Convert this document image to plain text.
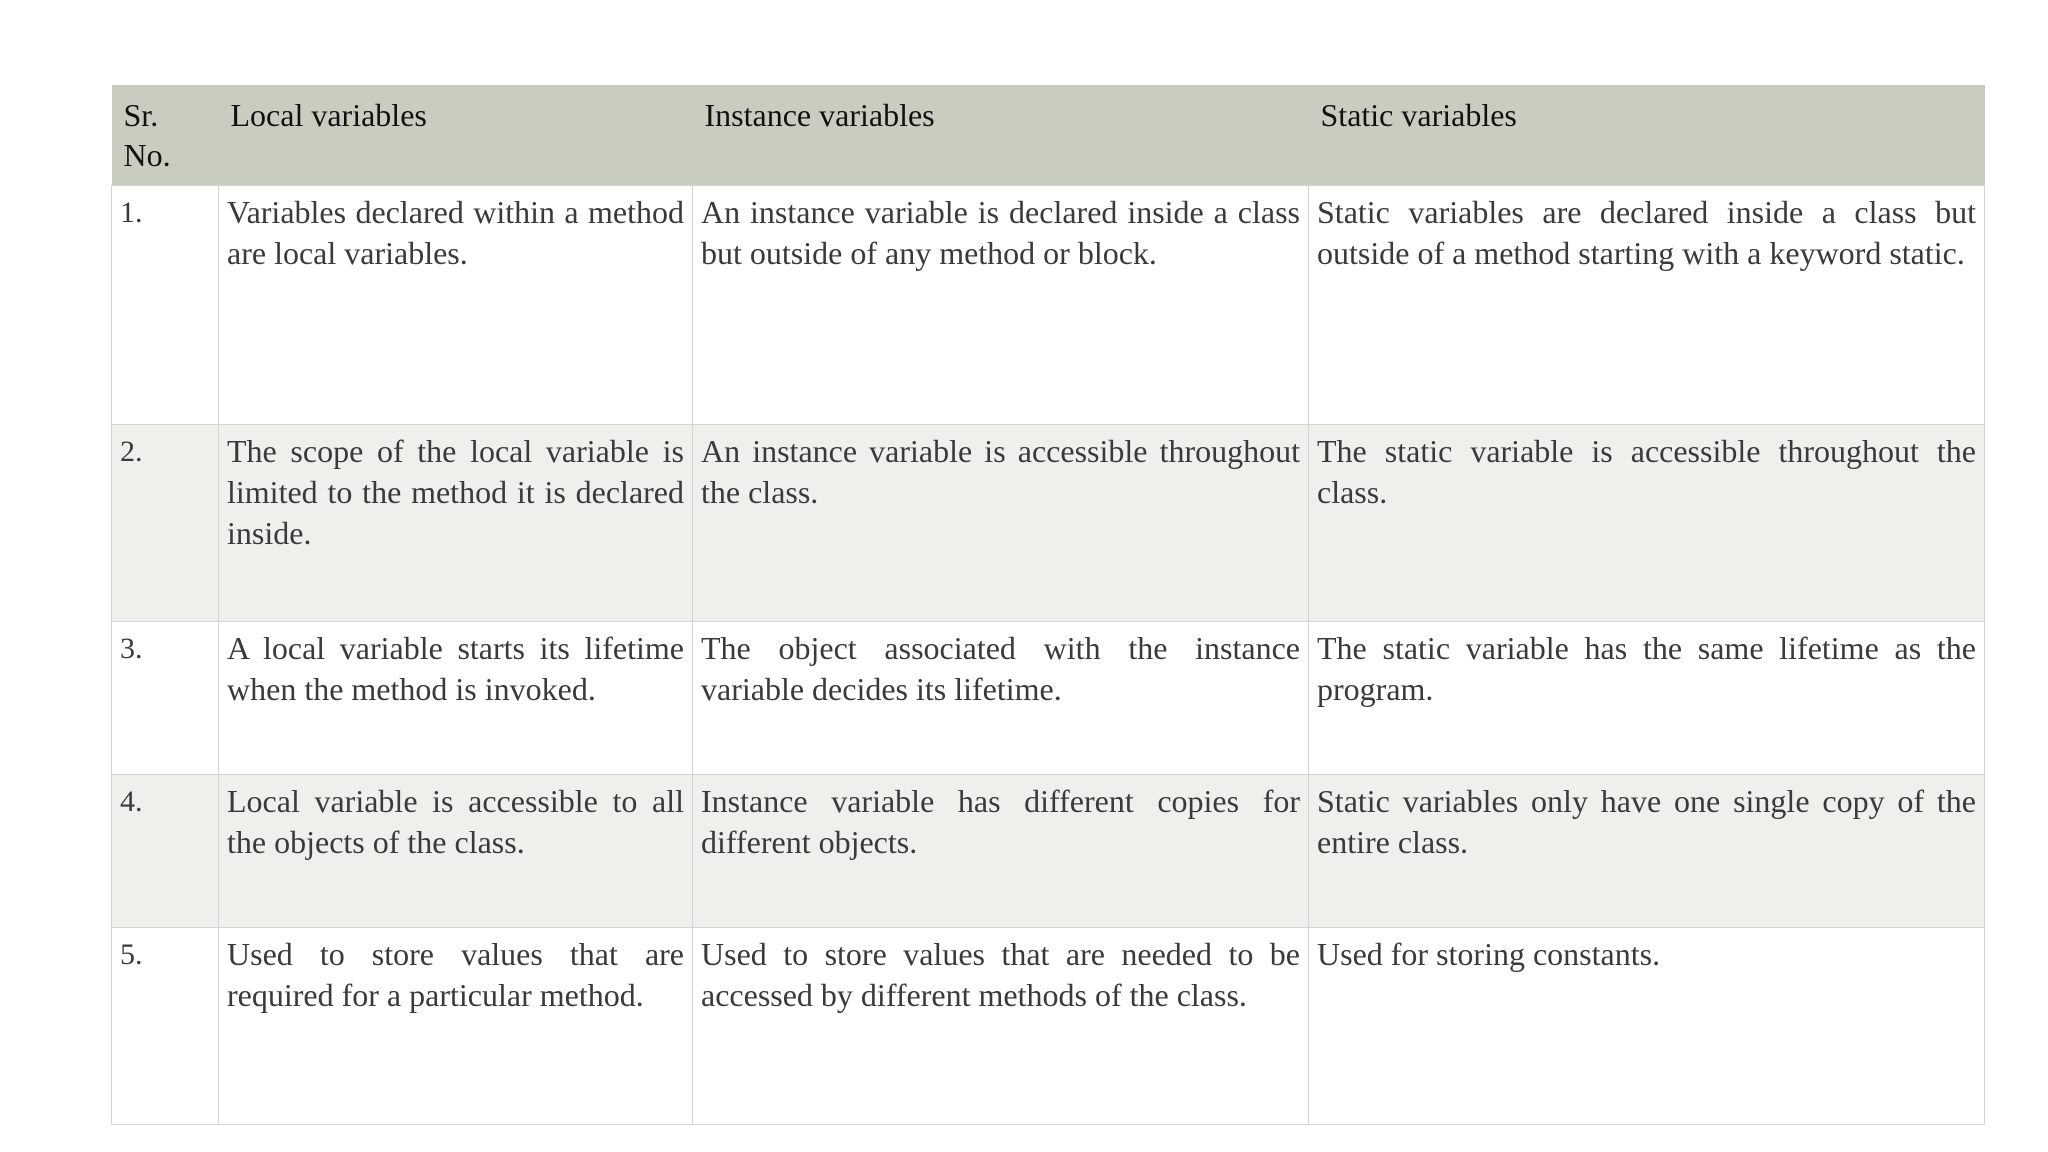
Sr. No.	Local variables	Instance variables	Static variables
1.	Variables declared within a method are local variables.	An instance variable is declared inside a class but outside of any method or block.	Static variables are declared inside a class but outside of a method starting with a keyword static.
2.	The scope of the local variable is limited to the method it is declared inside.	An instance variable is accessible throughout the class.	The static variable is accessible throughout the class.
3.	A local variable starts its lifetime when the method is invoked.	The object associated with the instance variable decides its lifetime.	The static variable has the same lifetime as the program.
4.	Local variable is accessible to all the objects of the class.	Instance variable has different copies for different objects.	Static variables only have one single copy of the entire class.
5.	Used to store values that are required for a particular method.	Used to store values that are needed to be accessed by different methods of the class.	Used for storing constants.
